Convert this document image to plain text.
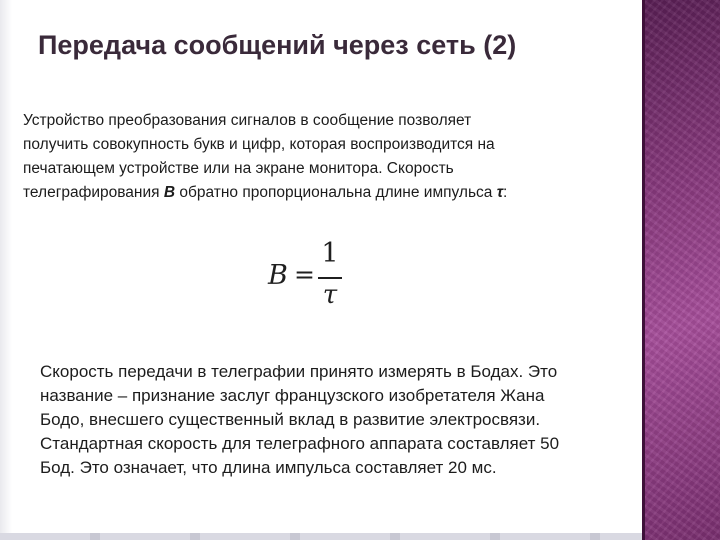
Передача сообщений через сеть (2)
Устройство преобразования сигналов в сообщение позволяет
получить совокупность букв и цифр, которая воспроизводится на
печатающем устройстве или на экране монитора. Скорость
телеграфирования В обратно пропорциональна длине импульса τ:
B =
1
τ
Скорость передачи в телеграфии принято измерять в Бодах. Это
название – признание заслуг французского изобретателя Жана
Бодо, внесшего существенный вклад в развитие электросвязи.
Стандартная скорость для телеграфного аппарата составляет 50
Бод. Это означает, что длина импульса составляет 20 мс.
